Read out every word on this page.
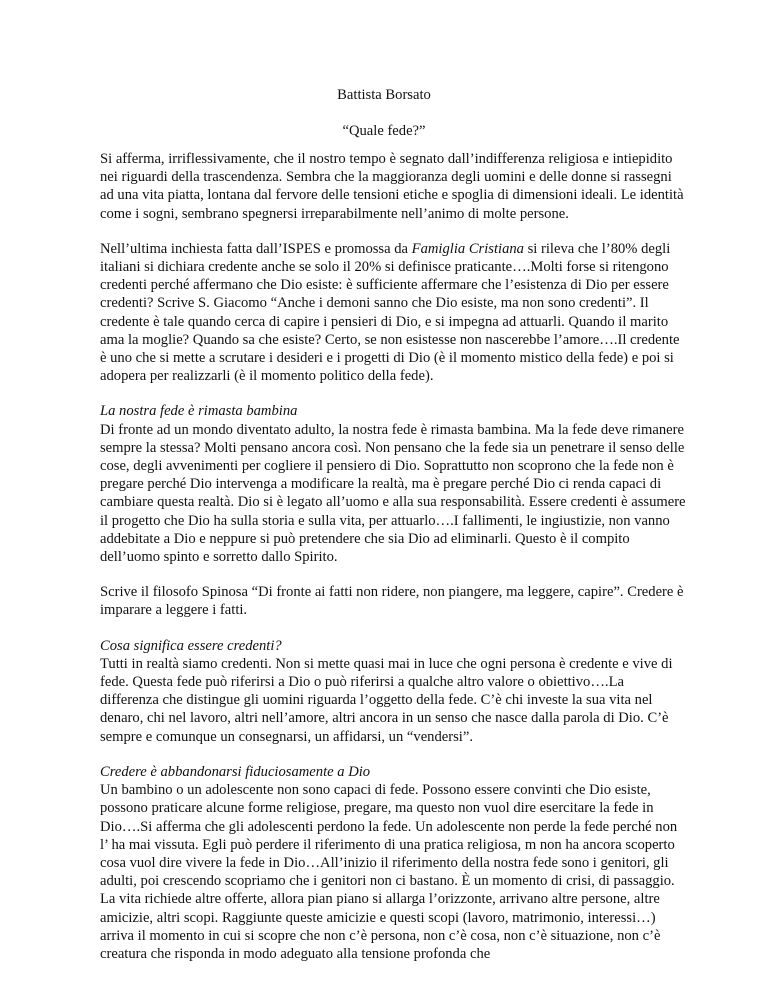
Battista Borsato
“Quale fede?”

Si afferma, irriflessivamente, che il nostro tempo è segnato dall’indifferenza religiosa e intiepidito nei riguardi della trascendenza. Sembra che la maggioranza degli uomini e delle donne si rassegni ad una vita piatta, lontana dal fervore delle tensioni etiche e spoglia di dimensioni ideali. Le identità come i sogni, sembrano spegnersi irreparabilmente nell’animo di molte persone.

Nell’ultima inchiesta fatta dall’ISPES e promossa da Famiglia Cristiana si rileva che l’80% degli italiani si dichiara credente anche se solo il 20% si definisce praticante….Molti forse si ritengono credenti perché affermano che Dio esiste: è sufficiente affermare che l’esistenza di Dio per essere credenti? Scrive S. Giacomo “Anche i demoni sanno che Dio esiste, ma non sono credenti”. Il credente è tale quando cerca di capire i pensieri di Dio, e si impegna ad attuarli. Quando il marito ama la moglie? Quando sa che esiste? Certo, se non esistesse non nascerebbe l’amore….Il credente è uno che si mette a scrutare i desideri e i progetti di Dio (è il momento mistico della fede) e poi si adopera per realizzarli (è il momento politico della fede).

La nostra fede è rimasta bambina
Di fronte ad un mondo diventato adulto, la nostra fede è rimasta bambina. Ma la fede deve rimanere sempre la stessa? Molti pensano ancora così. Non pensano che la fede sia un penetrare il senso delle cose, degli avvenimenti per cogliere il pensiero di Dio. Soprattutto non scoprono che la fede non è pregare perché Dio intervenga a modificare la realtà, ma è pregare perché Dio ci renda capaci di cambiare questa realtà. Dio si è legato all’uomo e alla sua responsabilità. Essere credenti è assumere il progetto che Dio ha sulla storia e sulla vita, per attuarlo….I fallimenti, le ingiustizie, non vanno addebitate a Dio e neppure si può pretendere che sia Dio ad eliminarli. Questo è il compito dell’uomo spinto e sorretto dallo Spirito.

Scrive il filosofo Spinosa “Di fronte ai fatti non ridere, non piangere, ma leggere, capire”. Credere è imparare a leggere i fatti.

Cosa significa essere credenti?
Tutti in realtà siamo credenti. Non si mette quasi mai in luce che ogni persona è credente e vive di fede. Questa fede può riferirsi a Dio o può riferirsi a qualche altro valore o obiettivo….La differenza che distingue gli uomini riguarda l’oggetto della fede. C’è chi investe la sua vita nel denaro, chi nel lavoro, altri nell’amore, altri ancora in un senso che nasce dalla parola di Dio. C’è sempre e comunque un consegnarsi, un affidarsi, un “vendersi”.

Credere è abbandonarsi fiduciosamente a Dio
Un bambino o un adolescente non sono capaci di fede. Possono essere convinti che Dio esiste, possono praticare alcune forme religiose, pregare, ma questo non vuol dire esercitare la fede in Dio….Si afferma che gli adolescenti perdono la fede. Un adolescente non perde la fede perché non l’ ha mai vissuta. Egli può perdere il riferimento di una pratica religiosa, m non ha ancora scoperto cosa vuol dire vivere la fede in Dio…All’inizio il riferimento della nostra fede sono i genitori, gli adulti, poi crescendo scopriamo che i genitori non ci bastano. È un momento di crisi, di passaggio. La vita richiede altre offerte, allora pian piano si allarga l’orizzonte, arrivano altre persone, altre amicizie, altri scopi. Raggiunte queste amicizie e questi scopi (lavoro, matrimonio, interessi…) arriva il momento in cui si scopre che non c’è persona, non c’è cosa, non c’è situazione, non c’è creatura che risponda in modo adeguato alla tensione profonda che
